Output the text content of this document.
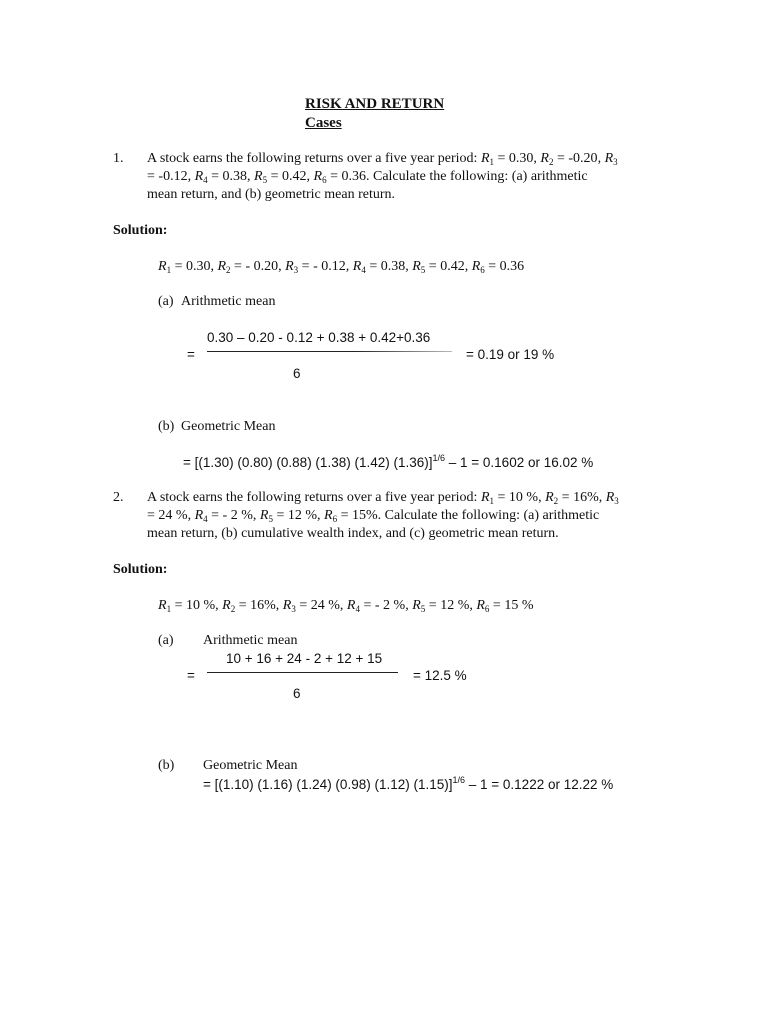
RISK AND RETURN
Cases
1. A stock earns the following returns over a five year period: $R_1 = 0.30$, $R_2 = -0.20$, $R_3$
= -0.12, $R_4 = 0.38$, $R_5 = 0.42$, $R_6 = 0.36$. Calculate the following: (a) arithmetic
mean return, and (b) geometric mean return.
Solution:
$R_1 = 0.30$, $R_2$ = - 0.20, $R_3$ = - 0.12, $R_4 = 0.38$, $R_5 = 0.42$, $R_6 = 0.36$
(a) Arithmetic mean
0.30 – 0.20 - 0.12 + 0.38 + 0.42+0.36
=
6
= 0.19 or 19 %
(b) Geometric Mean
= [(1.30) (0.80) (0.88) (1.38) (1.42) (1.36)]$^{1/6}$ – 1 = 0.1602 or 16.02 %
2. A stock earns the following returns over a five year period: $R_1 = 10$ %, $R_2 = 16\%$, $R_3$
= 24 %, $R_4$ = - 2 %, $R_5 = 12$ %, $R_6 = 15\%$. Calculate the following: (a) arithmetic
mean return, (b) cumulative wealth index, and (c) geometric mean return.
Solution:
$R_1 = 10$ %, $R_2 = 16\%$, $R_3 = 24$ %, $R_4$ = - 2 %, $R_5 = 12$ %, $R_6 = 15$ %
(a) Arithmetic mean
10 + 16 + 24 - 2 + 12 + 15
=
6
= 12.5 %
(b) Geometric Mean
= [(1.10) (1.16) (1.24) (0.98) (1.12) (1.15)]$^{1/6}$ – 1 = 0.1222 or 12.22 %
